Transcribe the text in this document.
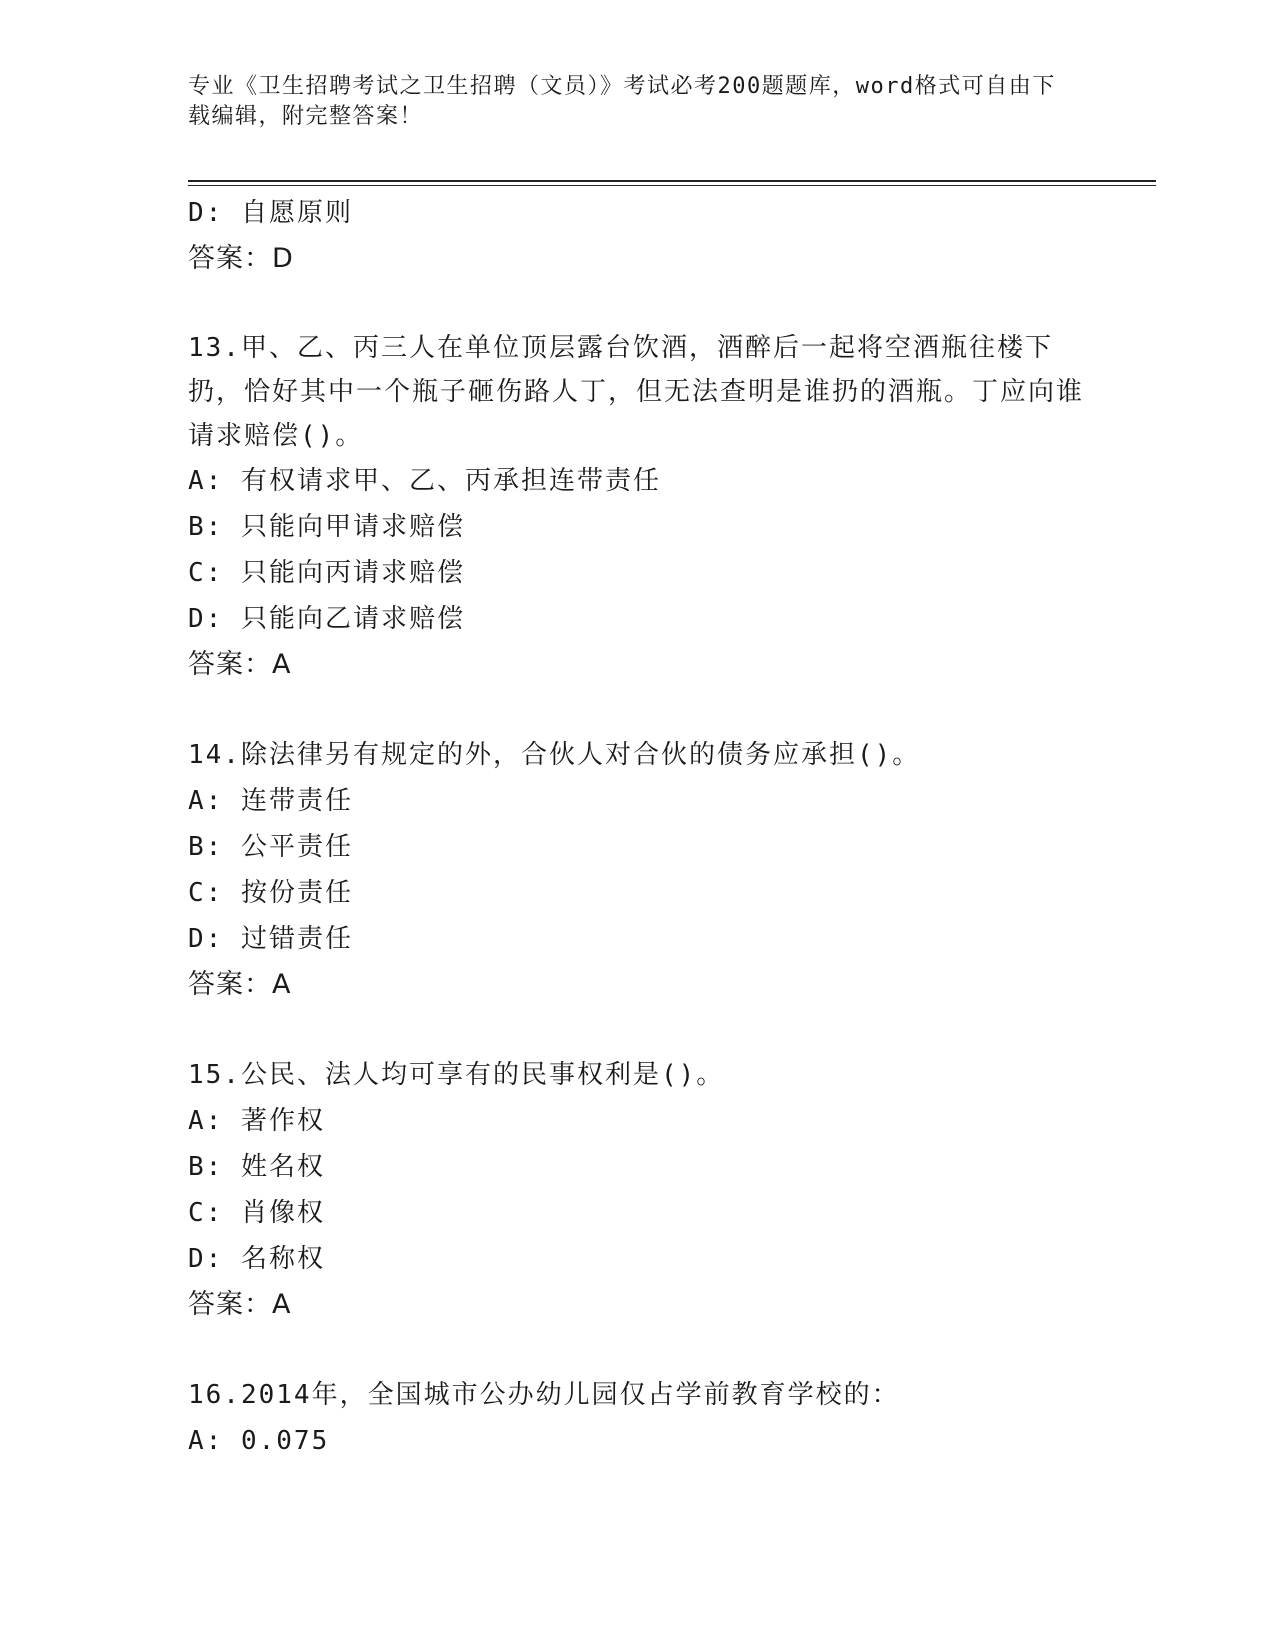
专业《卫生招聘考试之卫生招聘（文员）》考试必考200题题库，word格式可自由下载编辑，附完整答案！
D: 自愿原则
答案：D
13.甲、乙、丙三人在单位顶层露台饮酒，酒醉后一起将空酒瓶往楼下扔，恰好其中一个瓶子砸伤路人丁，但无法查明是谁扔的酒瓶。丁应向谁请求赔偿()。
A: 有权请求甲、乙、丙承担连带责任
B: 只能向甲请求赔偿
C: 只能向丙请求赔偿
D: 只能向乙请求赔偿
答案：A
14.除法律另有规定的外，合伙人对合伙的债务应承担()。
A: 连带责任
B: 公平责任
C: 按份责任
D: 过错责任
答案：A
15.公民、法人均可享有的民事权利是()。
A: 著作权
B: 姓名权
C: 肖像权
D: 名称权
答案：A
16.2014年，全国城市公办幼儿园仅占学前教育学校的：
A: 0.075
